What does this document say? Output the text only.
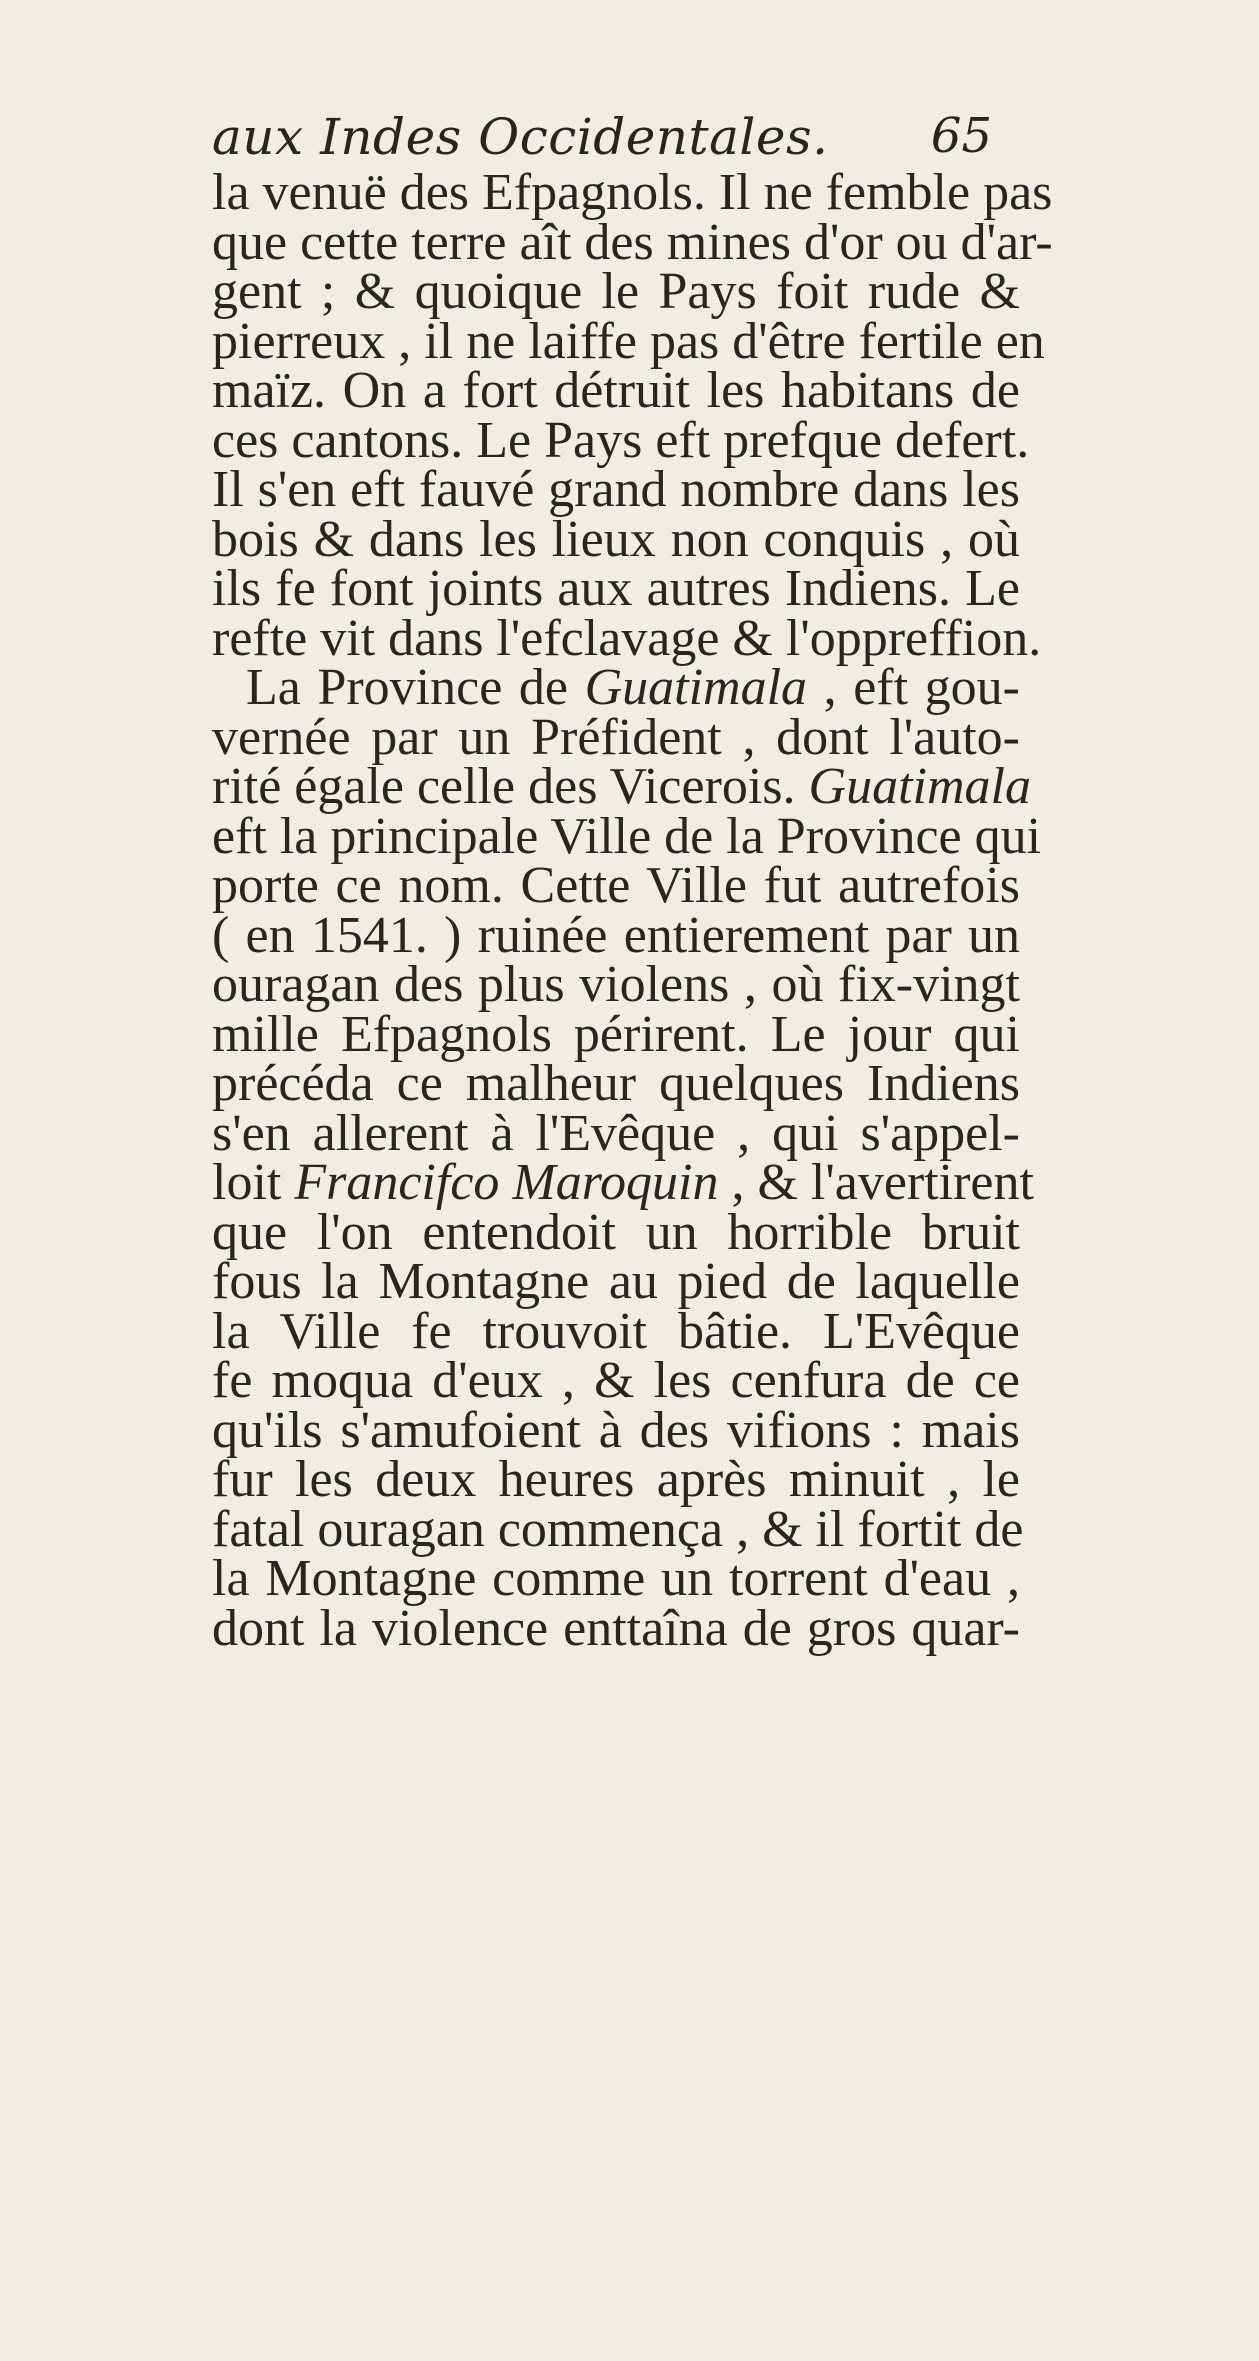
aux Indes Occidentales. 65
la venuë des Efpagnols. Il ne femble pas
que cette terre aît des mines d'or ou d'ar-
gent ; & quoique le Pays foit rude &
pierreux , il ne laiffe pas d'être fertile en
maïz. On a fort détruit les habitans de
ces cantons. Le Pays eft prefque defert.
Il s'en eft fauvé grand nombre dans les
bois & dans les lieux non conquis , où
ils fe font joints aux autres Indiens. Le
refte vit dans l'efclavage & l'oppreffion.
La Province de Guatimala , eft gou-
vernée par un Préfident , dont l'auto-
rité égale celle des Vicerois. Guatimala
eft la principale Ville de la Province qui
porte ce nom. Cette Ville fut autrefois
( en 1541. ) ruinée entierement par un
ouragan des plus violens , où fix-vingt
mille Efpagnols périrent. Le jour qui
précéda ce malheur quelques Indiens
s'en allerent à l'Evêque , qui s'appel-
loit Francifco Maroquin , & l'avertirent
que l'on entendoit un horrible bruit
fous la Montagne au pied de laquelle
la Ville fe trouvoit bâtie. L'Evêque
fe moqua d'eux , & les cenfura de ce
qu'ils s'amufoient à des vifions : mais
fur les deux heures après minuit , le
fatal ouragan commença , & il fortit de
la Montagne comme un torrent d'eau ,
dont la violence enttaîna de gros quar-
